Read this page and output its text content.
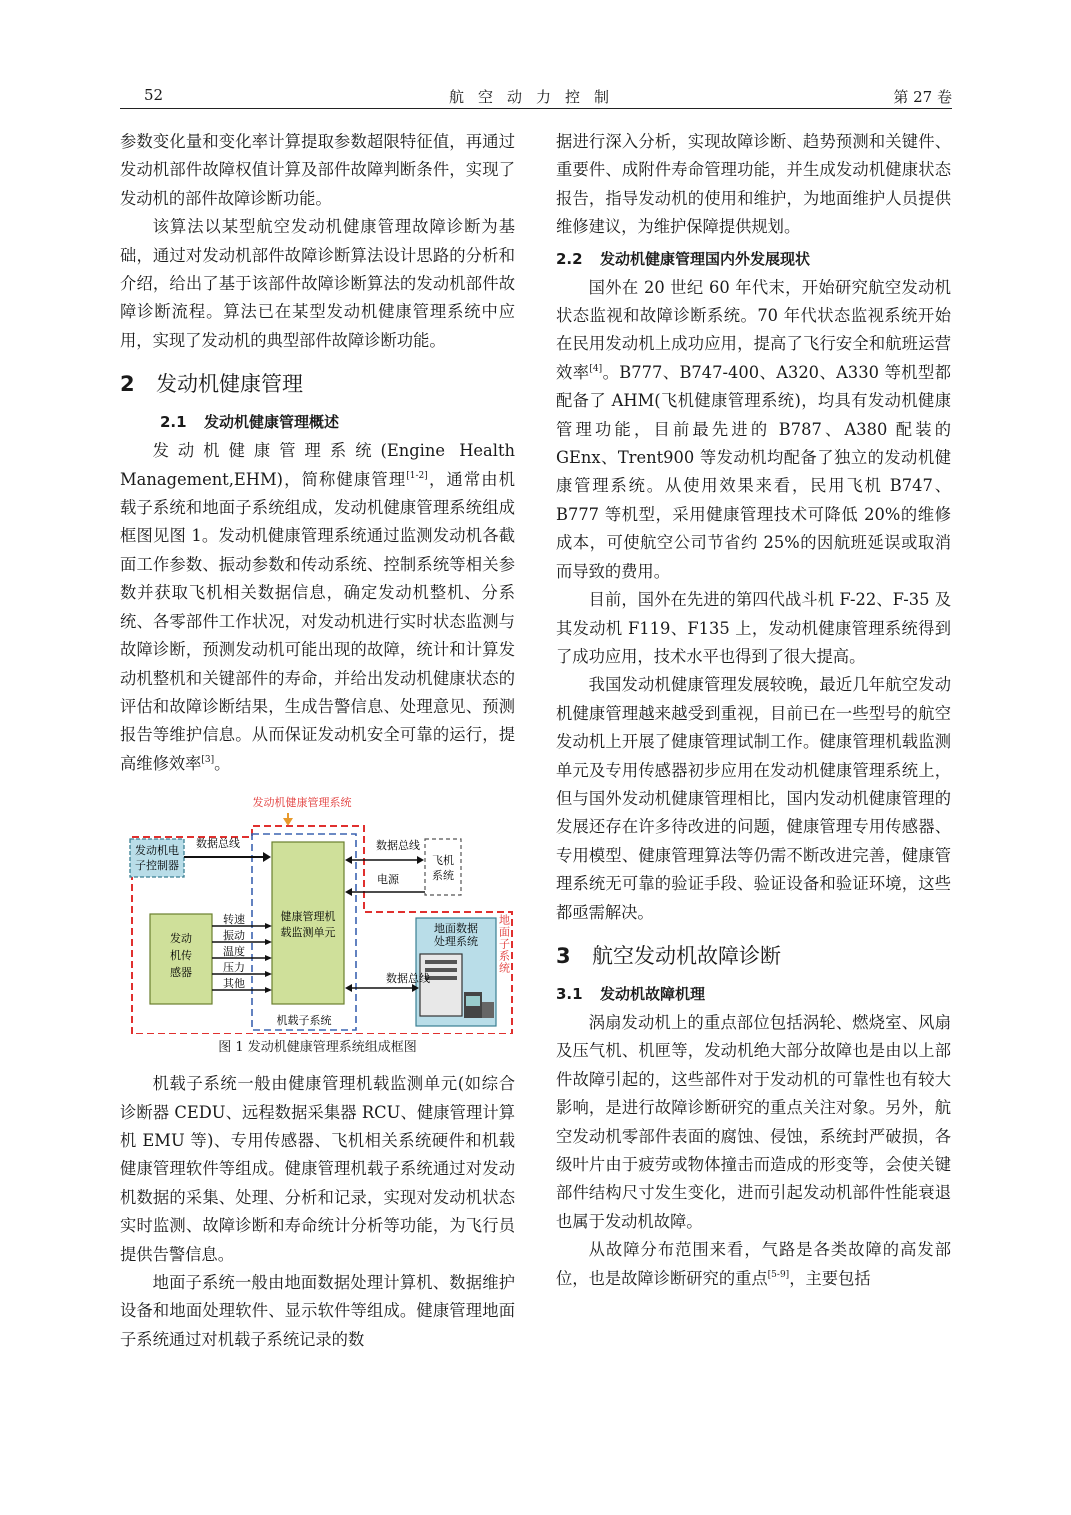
52	航空动力控制	第 27 卷

参数变化量和变化率计算提取参数超限特征值，再通过发动机部件故障权值计算及部件故障判断条件，实现了发动机的部件故障诊断功能。

该算法以某型航空发动机健康管理故障诊断为基础，通过对发动机部件故障诊断算法设计思路的分析和介绍，给出了基于该部件故障诊断算法的发动机部件故障诊断流程。算法已在某型发动机健康管理系统中应用，实现了发动机的典型部件故障诊断功能。

2 发动机健康管理
2.1 发动机健康管理概述

发动机健康管理系统(Engine Health Management,EHM)，简称健康管理[1-2]，通常由机载子系统和地面子系统组成，发动机健康管理系统组成框图见图 1。发动机健康管理系统通过监测发动机各截面工作参数、振动参数和传动系统、控制系统等相关参数并获取飞机相关数据信息，确定发动机整机、分系统、各零部件工作状况，对发动机进行实时状态监测与故障诊断，预测发动机可能出现的故障，统计和计算发动机整机和关键部件的寿命，并给出发动机健康状态的评估和故障诊断结果，生成告警信息、处理意见、预测报告等维护信息。从而保证发动机安全可靠的运行，提高维修效率[3]。

发动机健康管理系统
发动机电
子控制器
数据总线
健康管理机
载监测单元
机载子系统
飞机
系统
数据总线
电源
发动
机传
感器
转速
振动
温度
压力
其他
地面数据
处理系统
数据总线
地面子系统
图 1 发动机健康管理系统组成框图

机载子系统一般由健康管理机载监测单元(如综合诊断器 CEDU、远程数据采集器 RCU、健康管理计算机 EMU 等)、专用传感器、飞机相关系统硬件和机载健康管理软件等组成。健康管理机载子系统通过对发动机数据的采集、处理、分析和记录，实现对发动机状态实时监测、故障诊断和寿命统计分析等功能，为飞行员提供告警信息。

地面子系统一般由地面数据处理计算机、数据维护设备和地面处理软件、显示软件等组成。健康管理地面子系统通过对机载子系统记录的数

据进行深入分析，实现故障诊断、趋势预测和关键件、重要件、成附件寿命管理功能，并生成发动机健康状态报告，指导发动机的使用和维护，为地面维护人员提供维修建议，为维护保障提供规划。

2.2 发动机健康管理国内外发展现状

国外在 20 世纪 60 年代末，开始研究航空发动机状态监视和故障诊断系统。70 年代状态监视系统开始在民用发动机上成功应用，提高了飞行安全和航班运营效率[4]。B777、B747-400、A320、A330 等机型都配备了 AHM(飞机健康管理系统)，均具有发动机健康管理功能，目前最先进的 B787、A380 配装的 GEnx、Trent900 等发动机均配备了独立的发动机健康管理系统。从使用效果来看，民用飞机 B747、B777 等机型，采用健康管理技术可降低 20%的维修成本，可使航空公司节省约 25%的因航班延误或取消而导致的费用。

目前，国外在先进的第四代战斗机 F-22、F-35 及其发动机 F119、F135 上，发动机健康管理系统得到了成功应用，技术水平也得到了很大提高。

我国发动机健康管理发展较晚，最近几年航空发动机健康管理越来越受到重视，目前已在一些型号的航空发动机上开展了健康管理试制工作。健康管理机载监测单元及专用传感器初步应用在发动机健康管理系统上，但与国外发动机健康管理相比，国内发动机健康管理的发展还存在许多待改进的问题，健康管理专用传感器、专用模型、健康管理算法等仍需不断改进完善，健康管理系统无可靠的验证手段、验证设备和验证环境，这些都亟需解决。

3 航空发动机故障诊断
3.1 发动机故障机理

涡扇发动机上的重点部位包括涡轮、燃烧室、风扇及压气机、机匣等，发动机绝大部分故障也是由以上部件故障引起的，这些部件对于发动机的可靠性也有较大影响，是进行故障诊断研究的重点关注对象。另外，航空发动机零部件表面的腐蚀、侵蚀，系统封严破损，各级叶片由于疲劳或物体撞击而造成的形变等，会使关键部件结构尺寸发生变化，进而引起发动机部件性能衰退也属于发动机故障。

从故障分布范围来看，气路是各类故障的高发部位，也是故障诊断研究的重点[5-9]，主要包括
